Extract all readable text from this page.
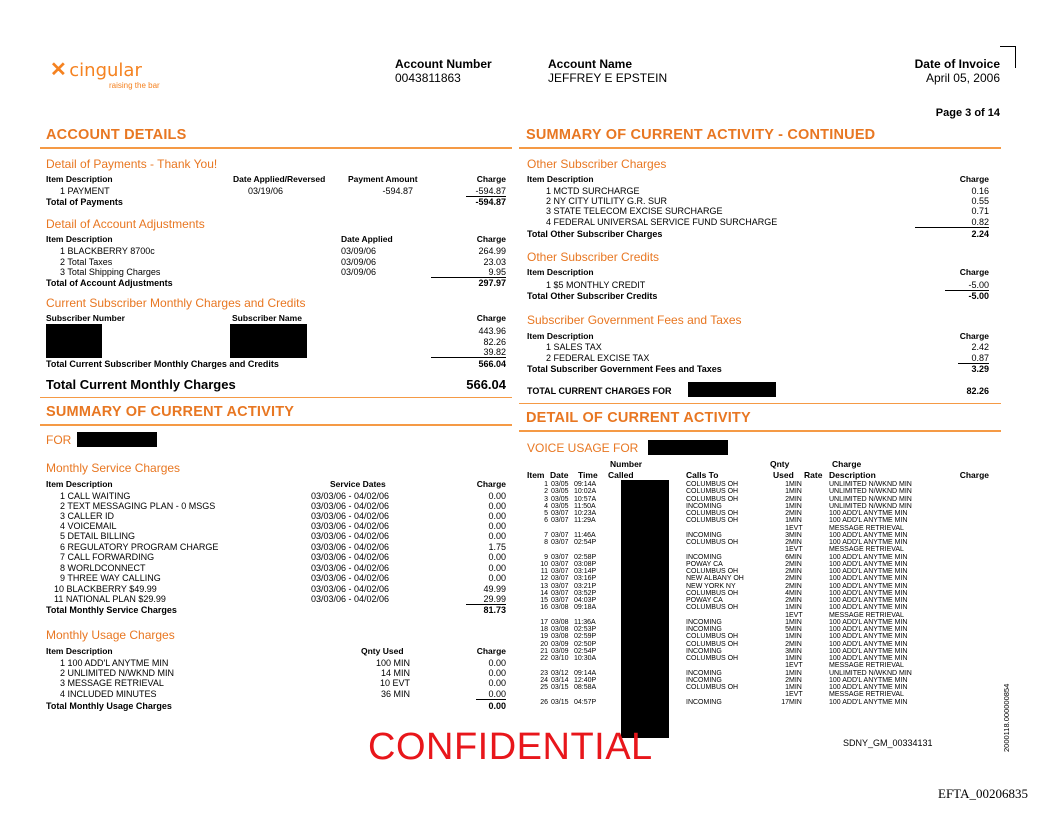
✕ cingular
raising the bar
Account Number
0043811863
Account Name
JEFFREY E EPSTEIN
Date of Invoice
April 05, 2006
Page 3 of 14
ACCOUNT DETAILS
Detail of Payments - Thank You!
Item Description	Date Applied/Reversed	Payment Amount	Charge
1 PAYMENT	03/19/06	-594.87	-594.87
Total of Payments	-594.87
Detail of Account Adjustments
Item Description	Date Applied	Charge
1 BLACKBERRY 8700c	03/09/06	264.99
2 Total Taxes	03/09/06	23.03
3 Total Shipping Charges	03/09/06	9.95
Total of Account Adjustments	297.97
Current Subscriber Monthly Charges and Credits
Subscriber Number	Subscriber Name	Charge
443.96
82.26
39.82
Total Current Subscriber Monthly Charges and Credits	566.04
Total Current Monthly Charges	566.04
SUMMARY OF CURRENT ACTIVITY
FOR
Monthly Service Charges
Item Description	Service Dates	Charge
1 CALL WAITING	03/03/06 - 04/02/06	0.00
2 TEXT MESSAGING PLAN - 0 MSGS	03/03/06 - 04/02/06	0.00
3 CALLER ID	03/03/06 - 04/02/06	0.00
4 VOICEMAIL	03/03/06 - 04/02/06	0.00
5 DETAIL BILLING	03/03/06 - 04/02/06	0.00
6 REGULATORY PROGRAM CHARGE	03/03/06 - 04/02/06	1.75
7 CALL FORWARDING	03/03/06 - 04/02/06	0.00
8 WORLDCONNECT	03/03/06 - 04/02/06	0.00
9 THREE WAY CALLING	03/03/06 - 04/02/06	0.00
10 BLACKBERRY $49.99	03/03/06 - 04/02/06	49.99
11 NATIONAL PLAN $29.99	03/03/06 - 04/02/06	29.99
Total Monthly Service Charges	81.73
Monthly Usage Charges
Item Description	Qnty Used	Charge
1 100 ADD'L ANYTME MIN	100 MIN	0.00
2 UNLIMITED N/WKND MIN	14 MIN	0.00
3 MESSAGE RETRIEVAL	10 EVT	0.00
4 INCLUDED MINUTES	36 MIN	0.00
Total Monthly Usage Charges	0.00
SUMMARY OF CURRENT ACTIVITY - CONTINUED
Other Subscriber Charges
Item Description	Charge
1 MCTD SURCHARGE	0.16
2 NY CITY UTILITY G.R. SUR	0.55
3 STATE TELECOM EXCISE SURCHARGE	0.71
4 FEDERAL UNIVERSAL SERVICE FUND SURCHARGE	0.82
Total Other Subscriber Charges	2.24
Other Subscriber Credits
Item Description	Charge
1 $5 MONTHLY CREDIT	-5.00
Total Other Subscriber Credits	-5.00
Subscriber Government Fees and Taxes
Item Description	Charge
1 SALES TAX	2.42
2 FEDERAL EXCISE TAX	0.87
Total Subscriber Government Fees and Taxes	3.29
TOTAL CURRENT CHARGES FOR	82.26
DETAIL OF CURRENT ACTIVITY
VOICE USAGE FOR
Number	Qnty	Charge
Item Date Time Called	Calls To	Used Rate Description	Charge
1 03/05 09:14A	COLUMBUS OH	1 MIN	UNLIMITED N/WKND MIN
2 03/05 10:02A	COLUMBUS OH	1 MIN	UNLIMITED N/WKND MIN
3 03/05 10:57A	COLUMBUS OH	2 MIN	UNLIMITED N/WKND MIN
4 03/05 11:50A	INCOMING	1 MIN	UNLIMITED N/WKND MIN
5 03/07 10:23A	COLUMBUS OH	2 MIN	100 ADD'L ANYTME MIN
6 03/07 11:29A	COLUMBUS OH	1 MIN	100 ADD'L ANYTME MIN
1 EVT	MESSAGE RETRIEVAL
7 03/07 11:46A	INCOMING	3 MIN	100 ADD'L ANYTME MIN
8 03/07 02:54P	COLUMBUS OH	2 MIN	100 ADD'L ANYTME MIN
1 EVT	MESSAGE RETRIEVAL
9 03/07 02:58P	INCOMING	6 MIN	100 ADD'L ANYTME MIN
10 03/07 03:08P	POWAY CA	2 MIN	100 ADD'L ANYTME MIN
11 03/07 03:14P	COLUMBUS OH	2 MIN	100 ADD'L ANYTME MIN
12 03/07 03:16P	NEW ALBANY OH	2 MIN	100 ADD'L ANYTME MIN
13 03/07 03:21P	NEW YORK NY	2 MIN	100 ADD'L ANYTME MIN
14 03/07 03:52P	COLUMBUS OH	4 MIN	100 ADD'L ANYTME MIN
15 03/07 04:03P	POWAY CA	2 MIN	100 ADD'L ANYTME MIN
16 03/08 09:18A	COLUMBUS OH	1 MIN	100 ADD'L ANYTME MIN
1 EVT	MESSAGE RETRIEVAL
17 03/08 11:36A	INCOMING	1 MIN	100 ADD'L ANYTME MIN
18 03/08 02:53P	INCOMING	5 MIN	100 ADD'L ANYTME MIN
19 03/08 02:59P	COLUMBUS OH	1 MIN	100 ADD'L ANYTME MIN
20 03/09 02:50P	COLUMBUS OH	2 MIN	100 ADD'L ANYTME MIN
21 03/09 02:54P	INCOMING	3 MIN	100 ADD'L ANYTME MIN
22 03/10 10:30A	COLUMBUS OH	1 MIN	100 ADD'L ANYTME MIN
1 EVT	MESSAGE RETRIEVAL
23 03/12 09:14A	INCOMING	1 MIN	UNLIMITED N/WKND MIN
24 03/14 12:40P	INCOMING	2 MIN	100 ADD'L ANYTME MIN
25 03/15 08:58A	COLUMBUS OH	1 MIN	100 ADD'L ANYTME MIN
1 EVT	MESSAGE RETRIEVAL
26 03/15 04:57P	INCOMING	17 MIN	100 ADD'L ANYTME MIN
SDNY_GM_00334131
CONFIDENTIAL
EFTA_00206835
2000118.000000854
